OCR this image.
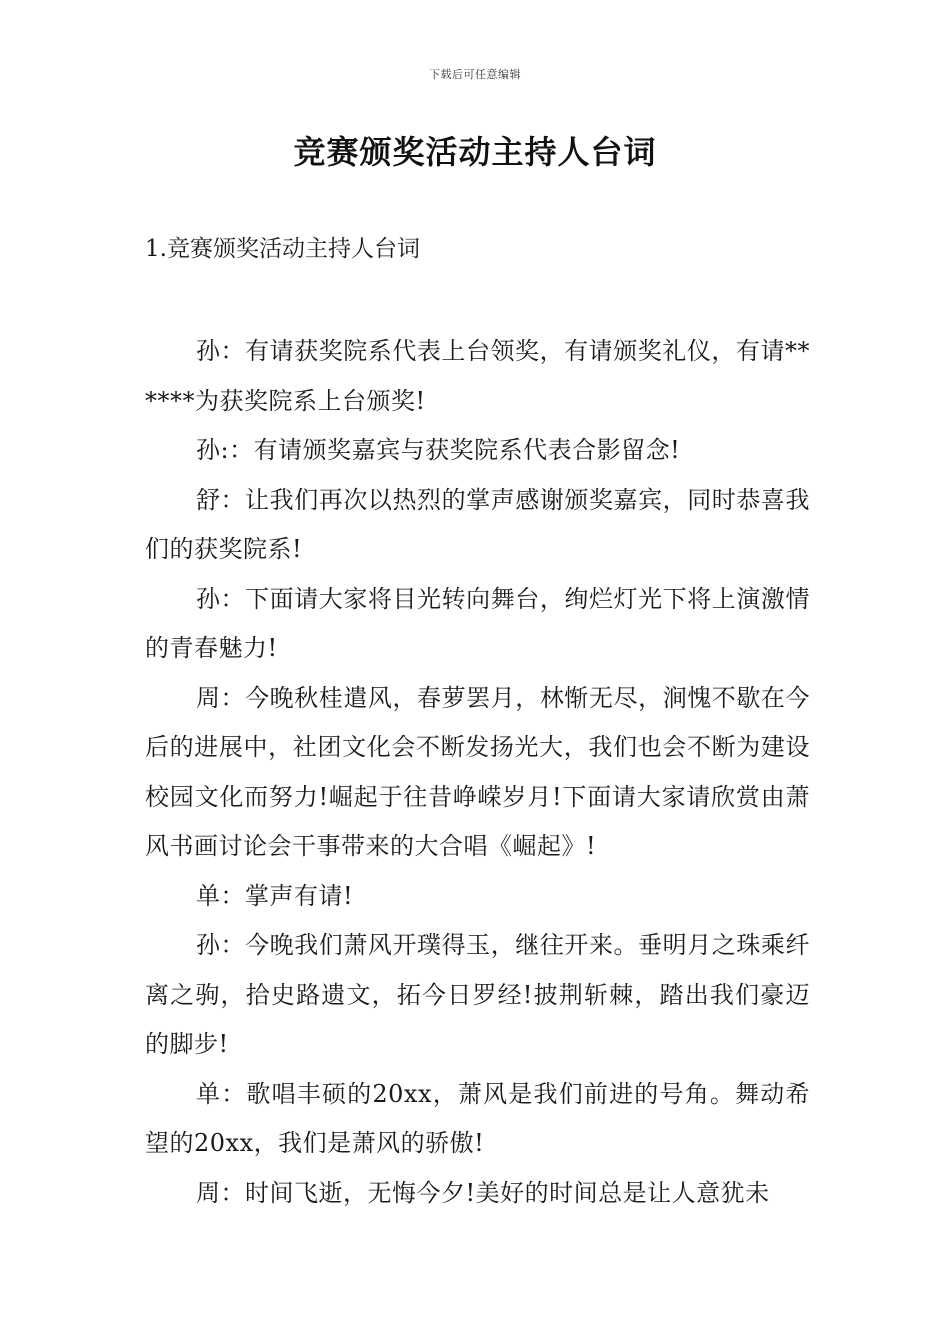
下载后可任意编辑
竞赛颁奖活动主持人台词
1.竞赛颁奖活动主持人台词

孙：有请获奖院系代表上台领奖，有请颁奖礼仪，有请******为获奖院系上台颁奖!

孙:：有请颁奖嘉宾与获奖院系代表合影留念!

舒：让我们再次以热烈的掌声感谢颁奖嘉宾，同时恭喜我们的获奖院系!

孙：下面请大家将目光转向舞台，绚烂灯光下将上演激情的青春魅力!

周：今晚秋桂遣风，春萝罢月，林惭无尽，涧愧不歇在今后的进展中，社团文化会不断发扬光大，我们也会不断为建设校园文化而努力!崛起于往昔峥嵘岁月!下面请大家请欣赏由萧风书画讨论会干事带来的大合唱《崛起》!

单：掌声有请!

孙：今晚我们萧风开璞得玉，继往开来。垂明月之珠乘纤离之驹，拾史路遗文，拓今日罗经!披荆斩棘，踏出我们豪迈的脚步!

单：歌唱丰硕的20xx，萧风是我们前进的号角。舞动希望的20xx，我们是萧风的骄傲!

周：时间飞逝，无悔今夕!美好的时间总是让人意犹未
